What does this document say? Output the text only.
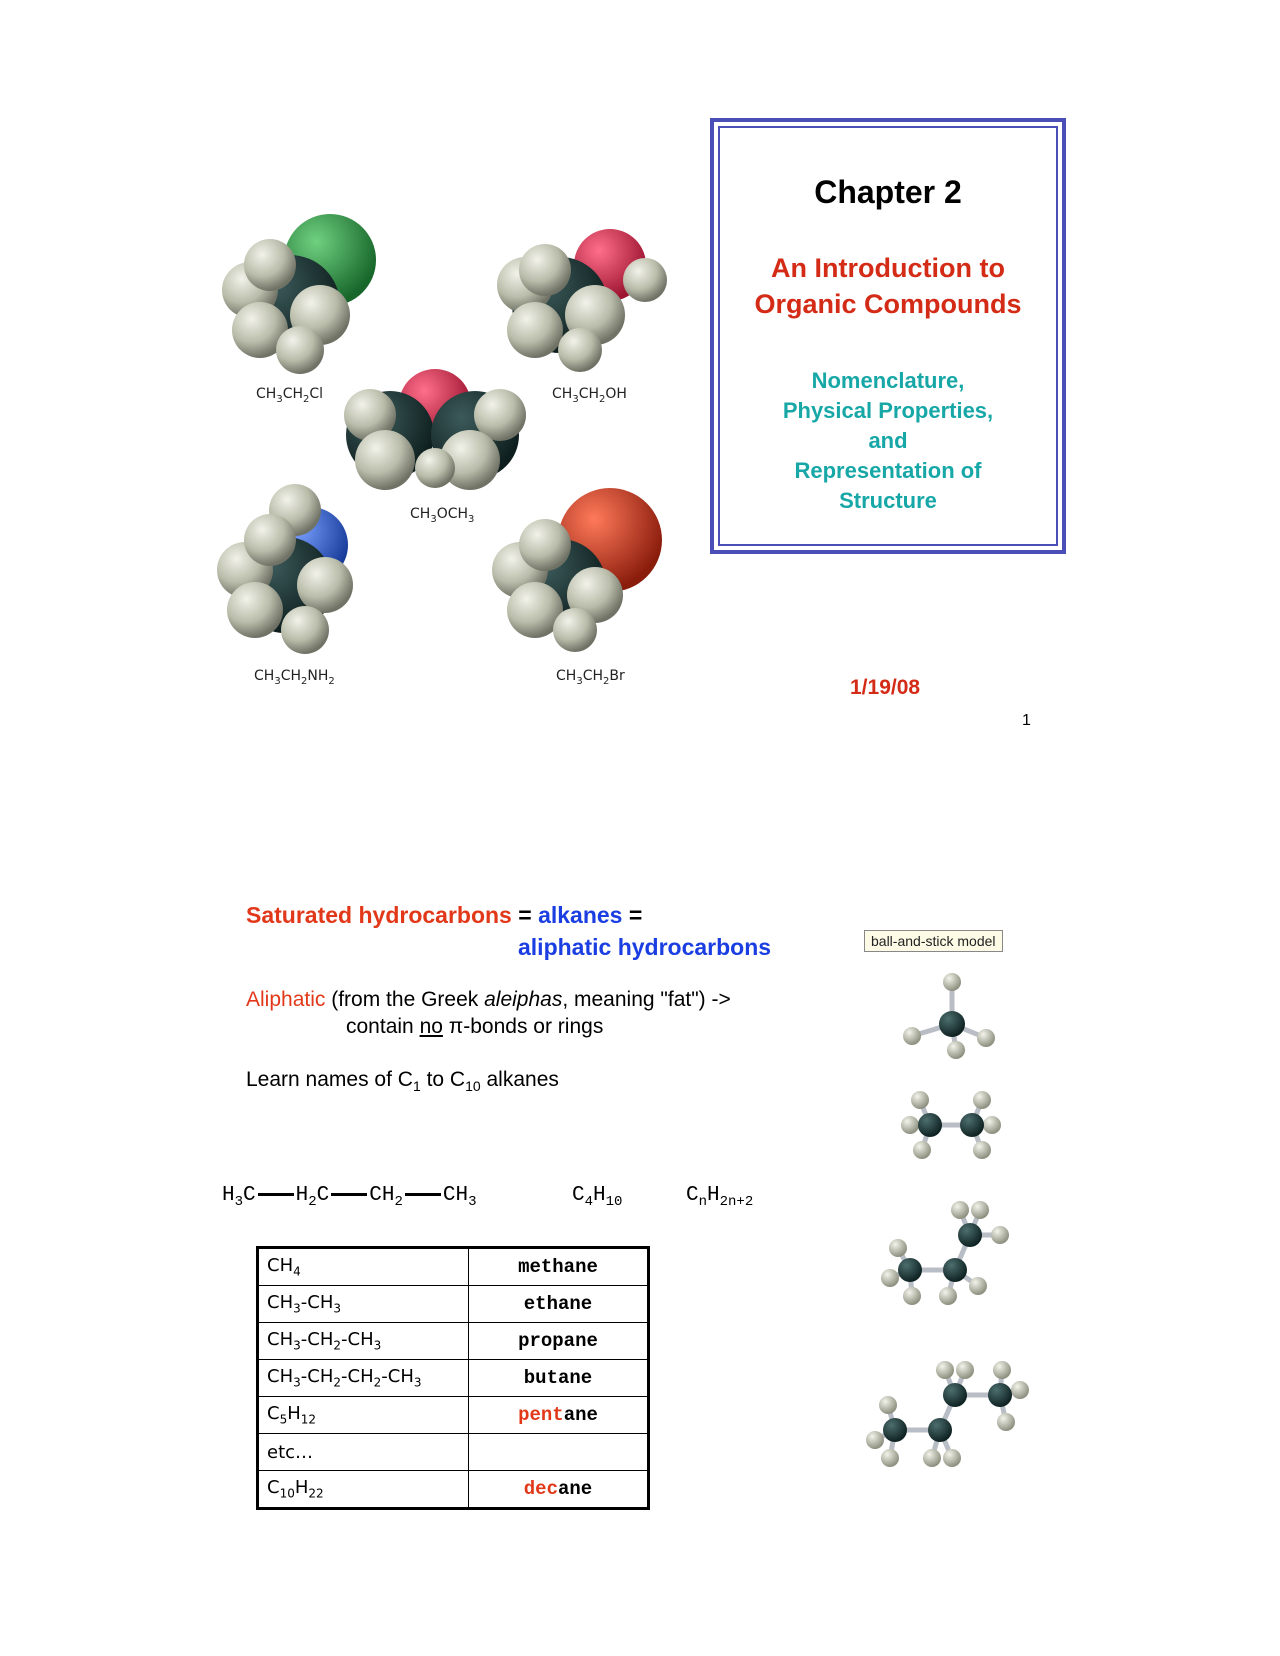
$CH_3CH_2Cl$	$CH_3CH_2OH$
$CH_3OCH_3$
$CH_3CH_2NH_2$	$CH_3CH_2Br$
Chapter 2
An Introduction to
Organic Compounds
Nomenclature,
Physical Properties,
and
Representation of
Structure
1/19/08
1
Saturated hydrocarbons = alkanes =
aliphatic hydrocarbons
Aliphatic (from the Greek aleiphas, meaning "fat") ->
contain no π-bonds or rings
Learn names of $C_1$ to $C_{10}$ alkanes
ball-and-stick model
$H_3C$ $H_2C$ $CH_2$ $CH_3$	$C_4H_{10}$	$C_nH_{2n+2}$
$CH_4$	methane
$CH_3-CH_3$	ethane
$CH_3-CH_2-CH_3$	propane
$CH_3-CH_2-CH_2-CH_3$	butane
$C_5H_{12}$	pentane
etc…	
$C_{10}H_{22}$	decane
